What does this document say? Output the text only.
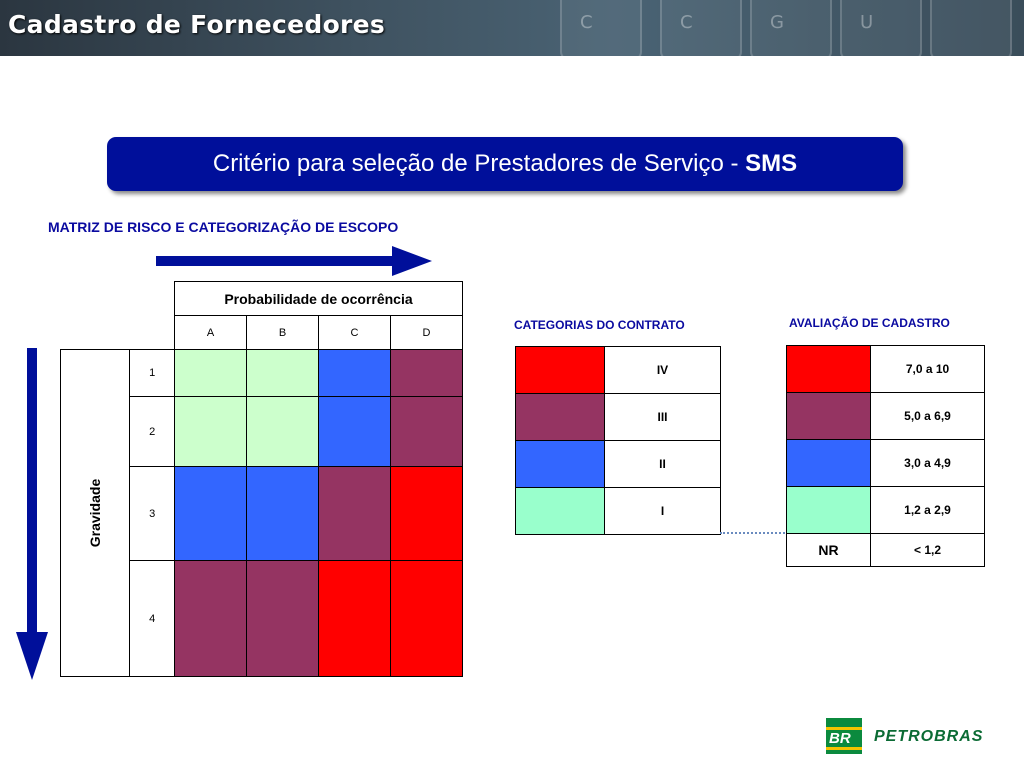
C	C	G	U
Cadastro de Fornecedores
Critério para seleção de Prestadores de Serviço - SMS
MATRIZ DE RISCO E CATEGORIZAÇÃO DE ESCOPO
		Probabilidade de ocorrência			
		A	B	C	D
Gravidade	1				
	2				
	3				
	4				
CATEGORIAS DO CONTRATO
	IV
	III
	II
	I
AVALIAÇÃO DE CADASTRO
	7,0 a 10
	5,0 a 6,9
	3,0 a 4,9
	1,2 a 2,9
NR	< 1,2
BR PETROBRAS
